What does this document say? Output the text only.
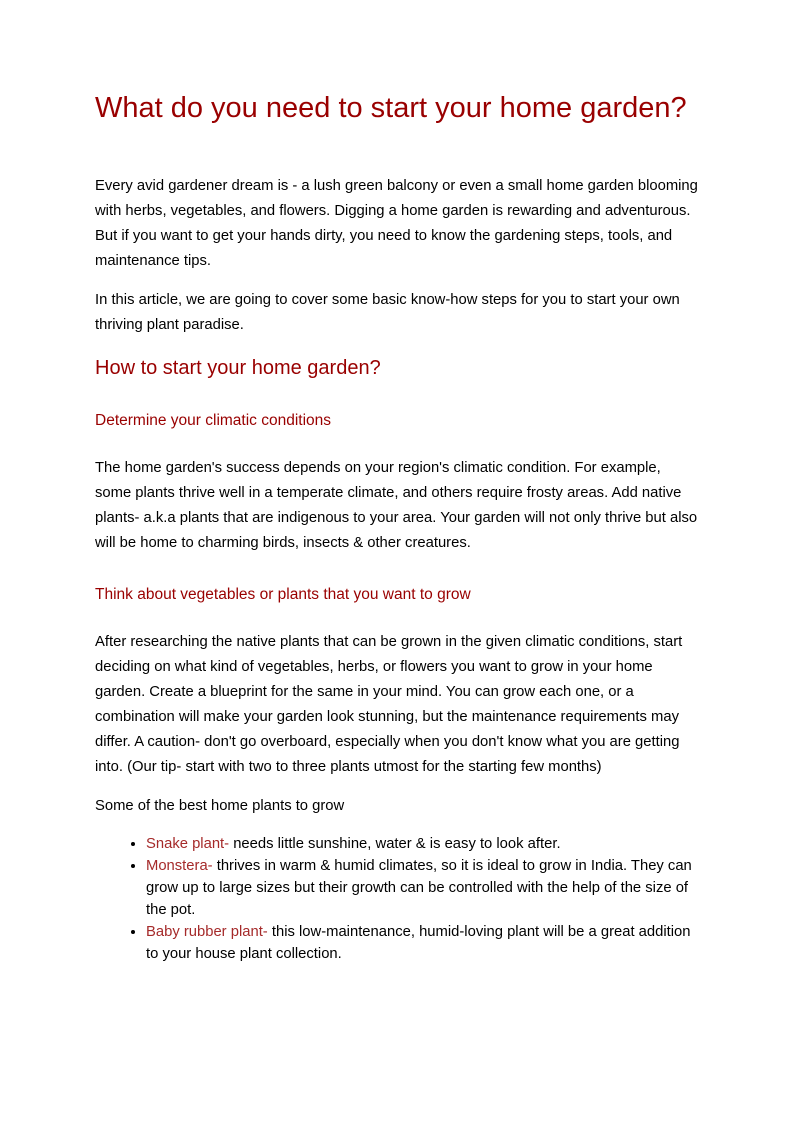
What do you need to start your home garden?

Every avid gardener dream is - a lush green balcony or even a small home garden blooming with herbs, vegetables, and flowers. Digging a home garden is rewarding and adventurous. But if you want to get your hands dirty, you need to know the gardening steps, tools, and maintenance tips.

In this article, we are going to cover some basic know-how steps for you to start your own thriving plant paradise.

How to start your home garden?
Determine your climatic conditions

The home garden's success depends on your region's climatic condition. For example, some plants thrive well in a temperate climate, and others require frosty areas. Add native plants- a.k.a plants that are indigenous to your area. Your garden will not only thrive but also will be home to charming birds, insects & other creatures.

Think about vegetables or plants that you want to grow

After researching the native plants that can be grown in the given climatic conditions, start deciding on what kind of vegetables, herbs, or flowers you want to grow in your home garden. Create a blueprint for the same in your mind. You can grow each one, or a combination will make your garden look stunning, but the maintenance requirements may differ. A caution- don't go overboard, especially when you don't know what you are getting into. (Our tip- start with two to three plants utmost for the starting few months)

Some of the best home plants to grow

• Snake plant- needs little sunshine, water & is easy to look after.
• Monstera- thrives in warm & humid climates, so it is ideal to grow in India. They can grow up to large sizes but their growth can be controlled with the help of the size of the pot.
• Baby rubber plant- this low-maintenance, humid-loving plant will be a great addition to your house plant collection.
